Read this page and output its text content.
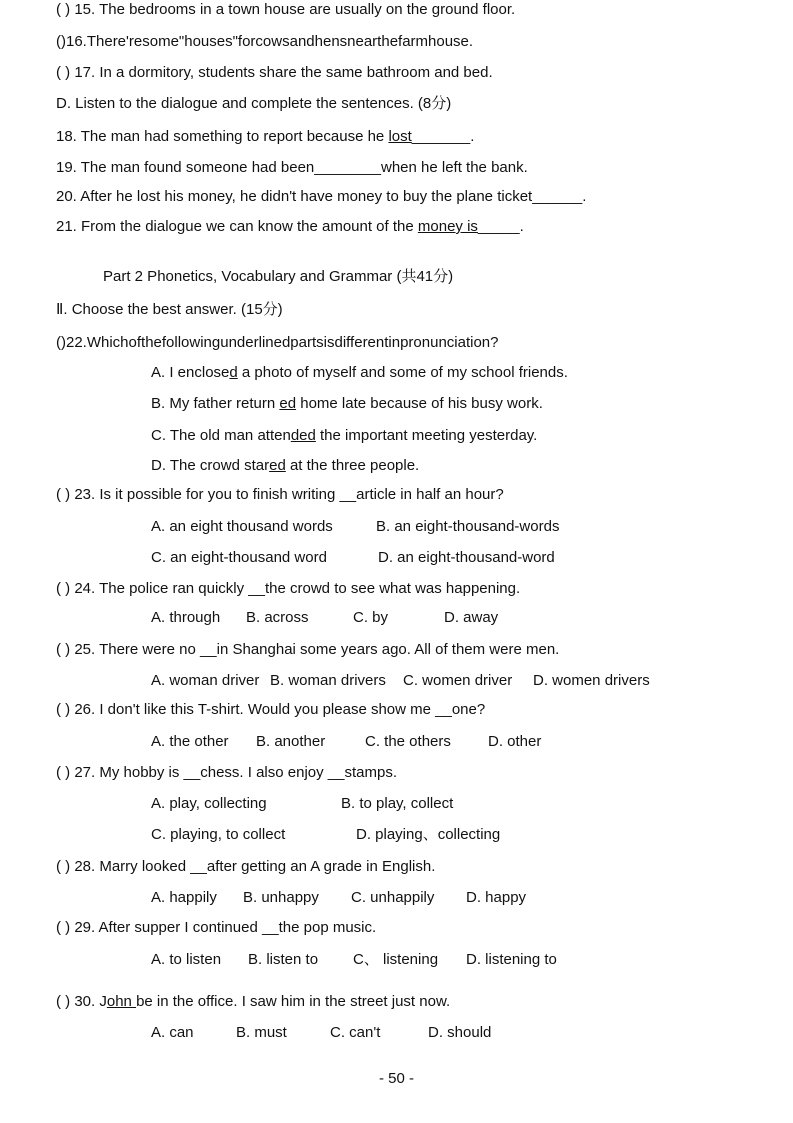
( ) 15. The bedrooms in a town house are usually on the ground floor.
()16.There'resome"houses"forcowsandhensnearthefarmhouse.
( ) 17. In a dormitory, students share the same bathroom and bed.
D. Listen to the dialogue and complete the sentences. (8分)
18. The man had something to report because he lost_______.
19. The man found someone had been________when he left the bank.
20. After he lost his money, he didn't have money to buy the plane ticket______.
21. From the dialogue we can know the amount of the money is_____.
Part 2 Phonetics, Vocabulary and Grammar (共41分)
Ⅱ. Choose the best answer. (15分)
()22.Whichofthefollowingunderlinedpartsisdifferentinpronunciation?
A. I enclosed a photo of myself and some of my school friends.
B. My father return ed home late because of his busy work.
C. The old man attended the important meeting yesterday.
D. The crowd stared at the three people.
( ) 23. Is it possible for you to finish writing __article in half an hour?
A. an eight thousand words	B. an eight-thousand-words
C. an eight-thousand word	D. an eight-thousand-word
( ) 24. The police ran quickly __the crowd to see what was happening.
A. through B. across	C. by	D. away
( ) 25. There were no __in Shanghai some years ago. All of them were men.
A. woman driver B. woman drivers C. women driver D. women drivers
( ) 26. I don't like this T-shirt. Would you please show me __one?
A. the other B. another	C. the others D. other
( ) 27. My hobby is __chess. I also enjoy __stamps.
A. play, collecting	B. to play, collect
C. playing, to collect	D. playing、collecting
( ) 28. Marry looked __after getting an A grade in English.
A. happily B. unhappy C. unhappily D. happy
( ) 29. After supper I continued __the pop music.
A. to listen B. listen to C、 listening D. listening to
( ) 30. John be in the office. I saw him in the street just now.
A. can	B. must	C. can't	D. should
- 50 -
